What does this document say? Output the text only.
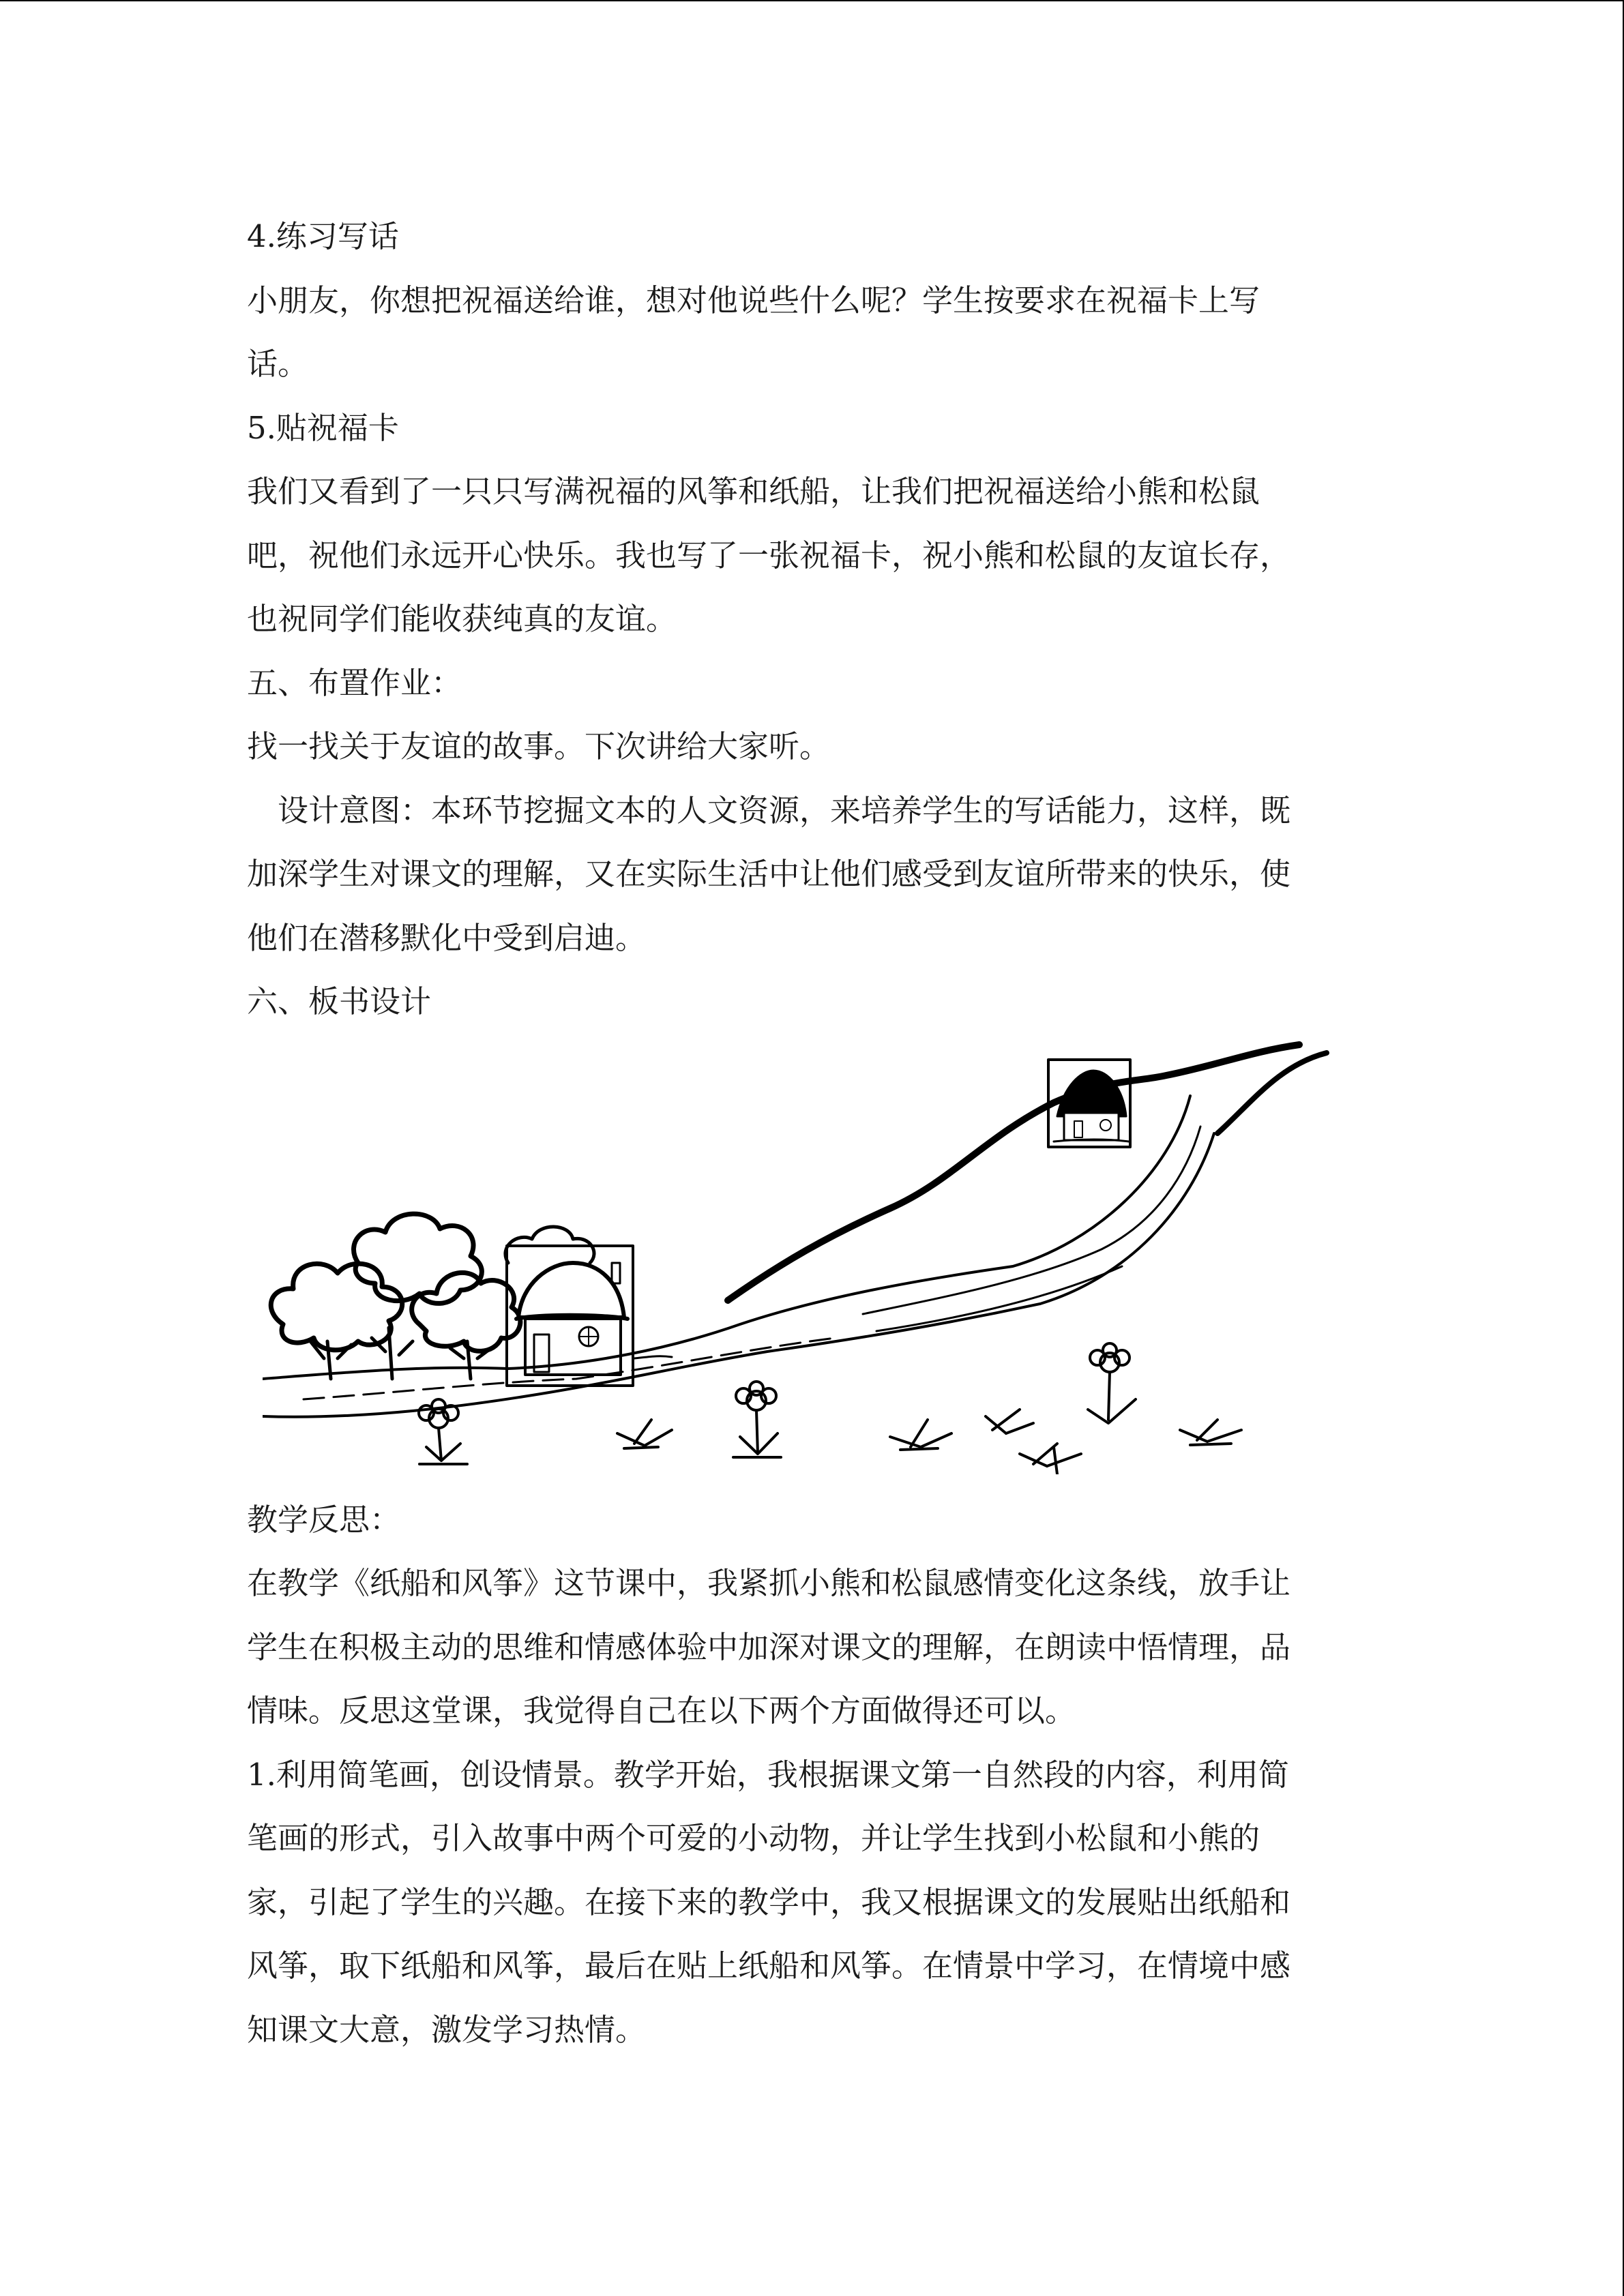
4.练习写话

小朋友，你想把祝福送给谁，想对他说些什么呢？学生按要求在祝福卡上写

话。

5.贴祝福卡

我们又看到了一只只写满祝福的风筝和纸船，让我们把祝福送给小熊和松鼠

吧，祝他们永远开心快乐。我也写了一张祝福卡，祝小熊和松鼠的友谊长存，

也祝同学们能收获纯真的友谊。

五、布置作业：

找一找关于友谊的故事。下次讲给大家听。

设计意图：本环节挖掘文本的人文资源，来培养学生的写话能力，这样，既

加深学生对课文的理解，又在实际生活中让他们感受到友谊所带来的快乐，使

他们在潜移默化中受到启迪。

六、板书设计

教学反思：

在教学《纸船和风筝》这节课中，我紧抓小熊和松鼠感情变化这条线，放手让

学生在积极主动的思维和情感体验中加深对课文的理解，在朗读中悟情理，品

情味。反思这堂课，我觉得自己在以下两个方面做得还可以。

1.利用简笔画，创设情景。教学开始，我根据课文第一自然段的内容，利用简

笔画的形式，引入故事中两个可爱的小动物，并让学生找到小松鼠和小熊的

家，引起了学生的兴趣。在接下来的教学中，我又根据课文的发展贴出纸船和

风筝，取下纸船和风筝，最后在贴上纸船和风筝。在情景中学习，在情境中感

知课文大意，激发学习热情。
